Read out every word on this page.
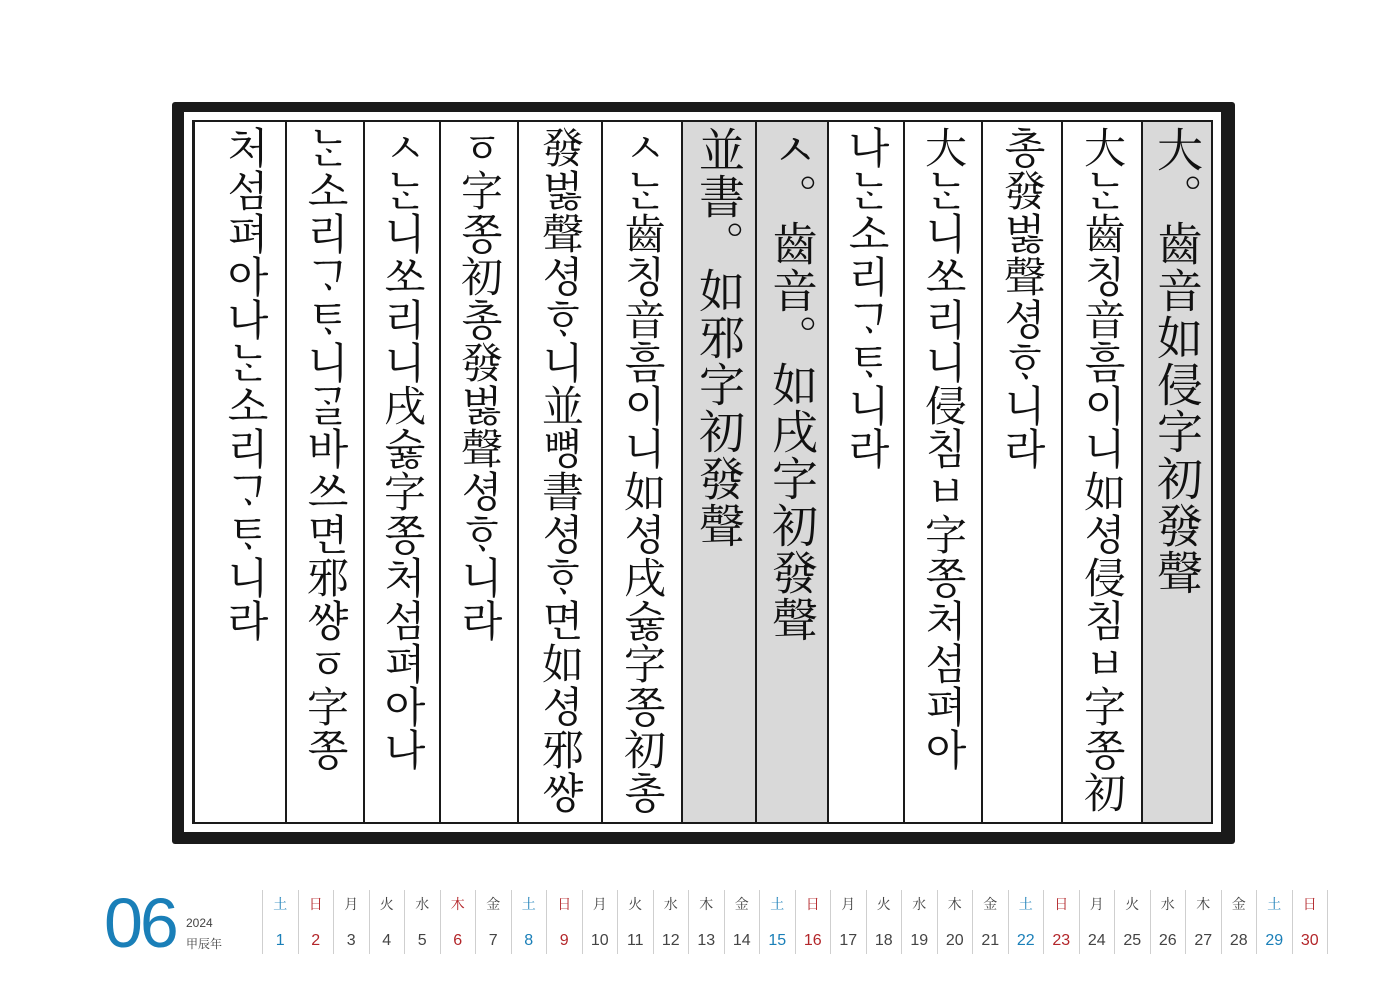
大。齒音如侵字初發聲
大ᄂᆞᆫ齒칭音흠이니如셩侵침ㅂ字쫑初
총發벓聲셩ᄒᆞ니라
大ᄂᆞᆫ니쏘리니侵침ㅂ字쫑처섬펴아
나ᄂᆞᆫ소리ᄀᆞᄐᆞ니라
ㅅ。齒音。如戌字初發聲
並書。如邪字初發聲
ㅅᄂᆞᆫ齒칭音흠이니如셩戌슗字쫑初총
發벓聲셩ᄒᆞ니並뼝書셩ᄒᆞ면如셩邪썅
ㆆ字쫑初총發벓聲셩ᄒᆞ니라
ㅅᄂᆞᆫ니쏘리니戌슗字쫑처섬펴아나
ᄂᆞᆫ소리ᄀᆞᄐᆞ니ᄀᆞᆯ바쓰면邪썅ㆆ字쫑
처섬펴아나ᄂᆞᆫ소리ᄀᆞᄐᆞ니라
06 2024
甲辰年
土
1
日
2
月
3
火
4
水
5
木
6
金
7
土
8
日
9
月
10
火
11
水
12
木
13
金
14
土
15
日
16
月
17
火
18
水
19
木
20
金
21
土
22
日
23
月
24
火
25
水
26
木
27
金
28
土
29
日
30
